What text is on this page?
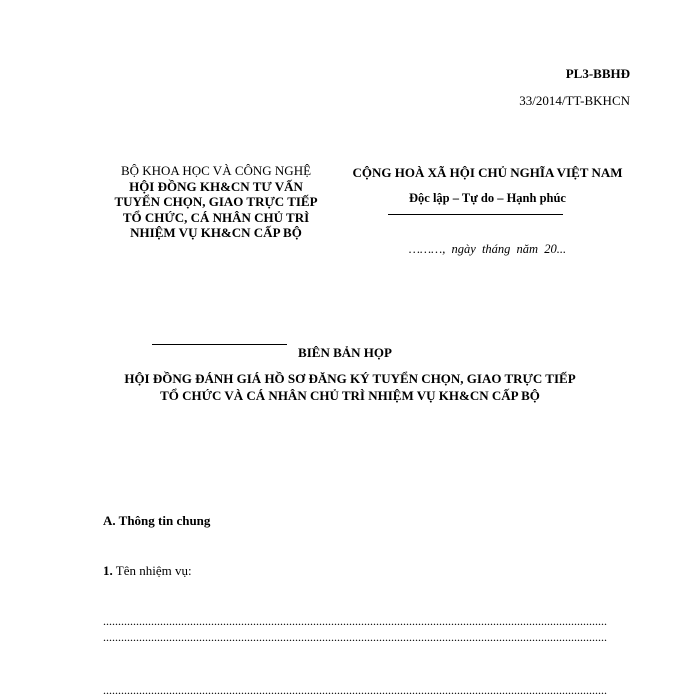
PL3-BBHĐ
33/2014/TT-BKHCN
BỘ KHOA HỌC VÀ CÔNG NGHỆ
HỘI ĐỒNG KH&CN TƯ VẤN
TUYỂN CHỌN, GIAO TRỰC TIẾP
TỔ CHỨC, CÁ NHÂN CHỦ TRÌ
NHIỆM VỤ KH&CN CẤP BỘ
CỘNG HOÀ XÃ HỘI CHỦ NGHĨA VIỆT NAM
Độc lập – Tự do – Hạnh phúc
………, ngày tháng năm 20...
BIÊN BẢN HỌP
HỘI ĐỒNG ĐÁNH GIÁ HỒ SƠ ĐĂNG KÝ TUYỂN CHỌN, GIAO TRỰC TIẾP
TỔ CHỨC VÀ CÁ NHÂN CHỦ TRÌ NHIỆM VỤ KH&CN CẤP BỘ
A. Thông tin chung
1. Tên nhiệm vụ:
........................................................................................................................................................................
........................................................................................................................................................................
........................................................................................................................................................................
